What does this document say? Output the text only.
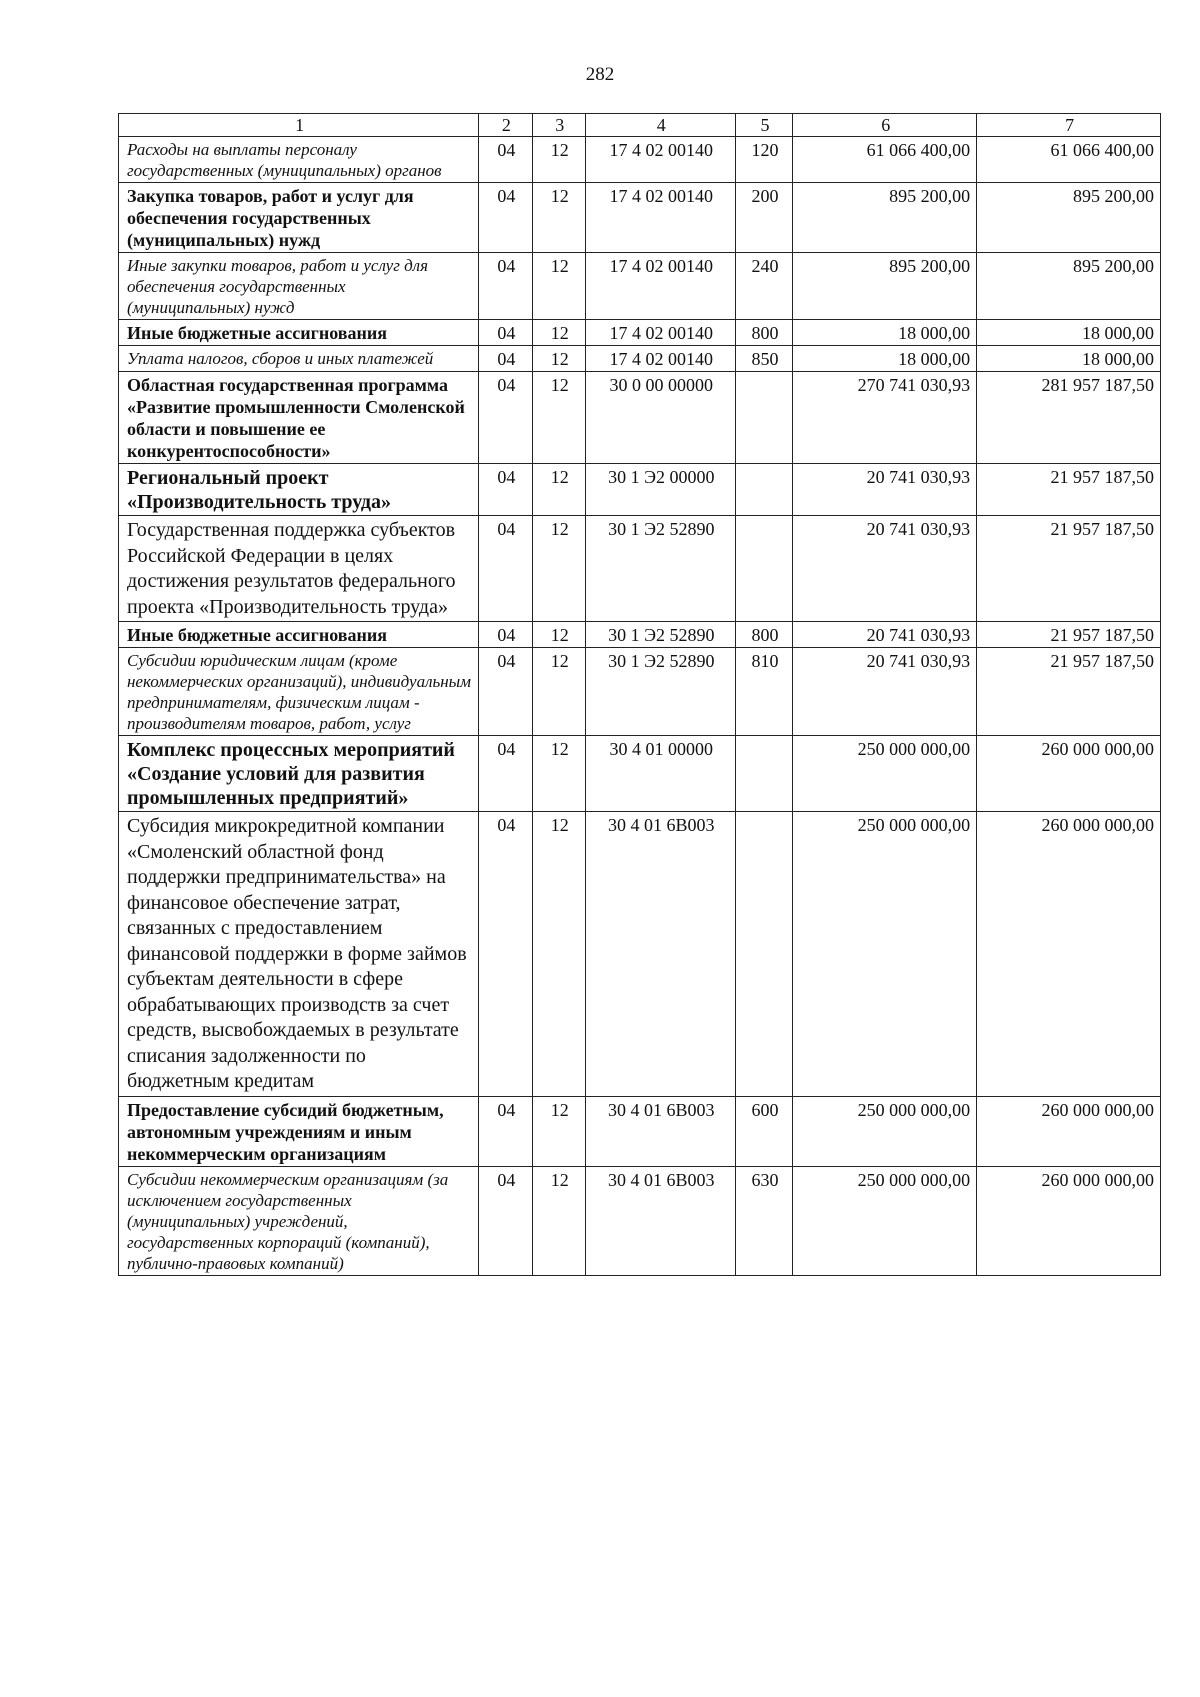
282
1	2	3	4	5	6	7
Расходы на выплаты персоналу государственных (муниципальных) органов	04	12	17 4 02 00140	120	61 066 400,00	61 066 400,00
Закупка товаров, работ и услуг для обеспечения государственных (муниципальных) нужд	04	12	17 4 02 00140	200	895 200,00	895 200,00
Иные закупки товаров, работ и услуг для обеспечения государственных (муниципальных) нужд	04	12	17 4 02 00140	240	895 200,00	895 200,00
Иные бюджетные ассигнования	04	12	17 4 02 00140	800	18 000,00	18 000,00
Уплата налогов, сборов и иных платежей	04	12	17 4 02 00140	850	18 000,00	18 000,00
Областная государственная программа «Развитие промышленности Смоленской области и повышение ее конкурентоспособности»	04	12	30 0 00 00000		270 741 030,93	281 957 187,50
Региональный проект «Производительность труда»	04	12	30 1 Э2 00000		20 741 030,93	21 957 187,50
Государственная поддержка субъектов Российской Федерации в целях достижения результатов федерального проекта «Производительность труда»	04	12	30 1 Э2 52890		20 741 030,93	21 957 187,50
Иные бюджетные ассигнования	04	12	30 1 Э2 52890	800	20 741 030,93	21 957 187,50
Субсидии юридическим лицам (кроме некоммерческих организаций), индивидуальным предпринимателям, физическим лицам - производителям товаров, работ, услуг	04	12	30 1 Э2 52890	810	20 741 030,93	21 957 187,50
Комплекс процессных мероприятий «Создание условий для развития промышленных предприятий»	04	12	30 4 01 00000		250 000 000,00	260 000 000,00
Субсидия микрокредитной компании «Смоленский областной фонд поддержки предпринимательства» на финансовое обеспечение затрат, связанных с предоставлением финансовой поддержки в форме займов субъектам деятельности в сфере обрабатывающих производств за счет средств, высвобождаемых в результате списания задолженности по бюджетным кредитам	04	12	30 4 01 6В003		250 000 000,00	260 000 000,00
Предоставление субсидий бюджетным, автономным учреждениям и иным некоммерческим организациям	04	12	30 4 01 6В003	600	250 000 000,00	260 000 000,00
Субсидии некоммерческим организациям (за исключением государственных (муниципальных) учреждений, государственных корпораций (компаний), публично-правовых компаний)	04	12	30 4 01 6В003	630	250 000 000,00	260 000 000,00
